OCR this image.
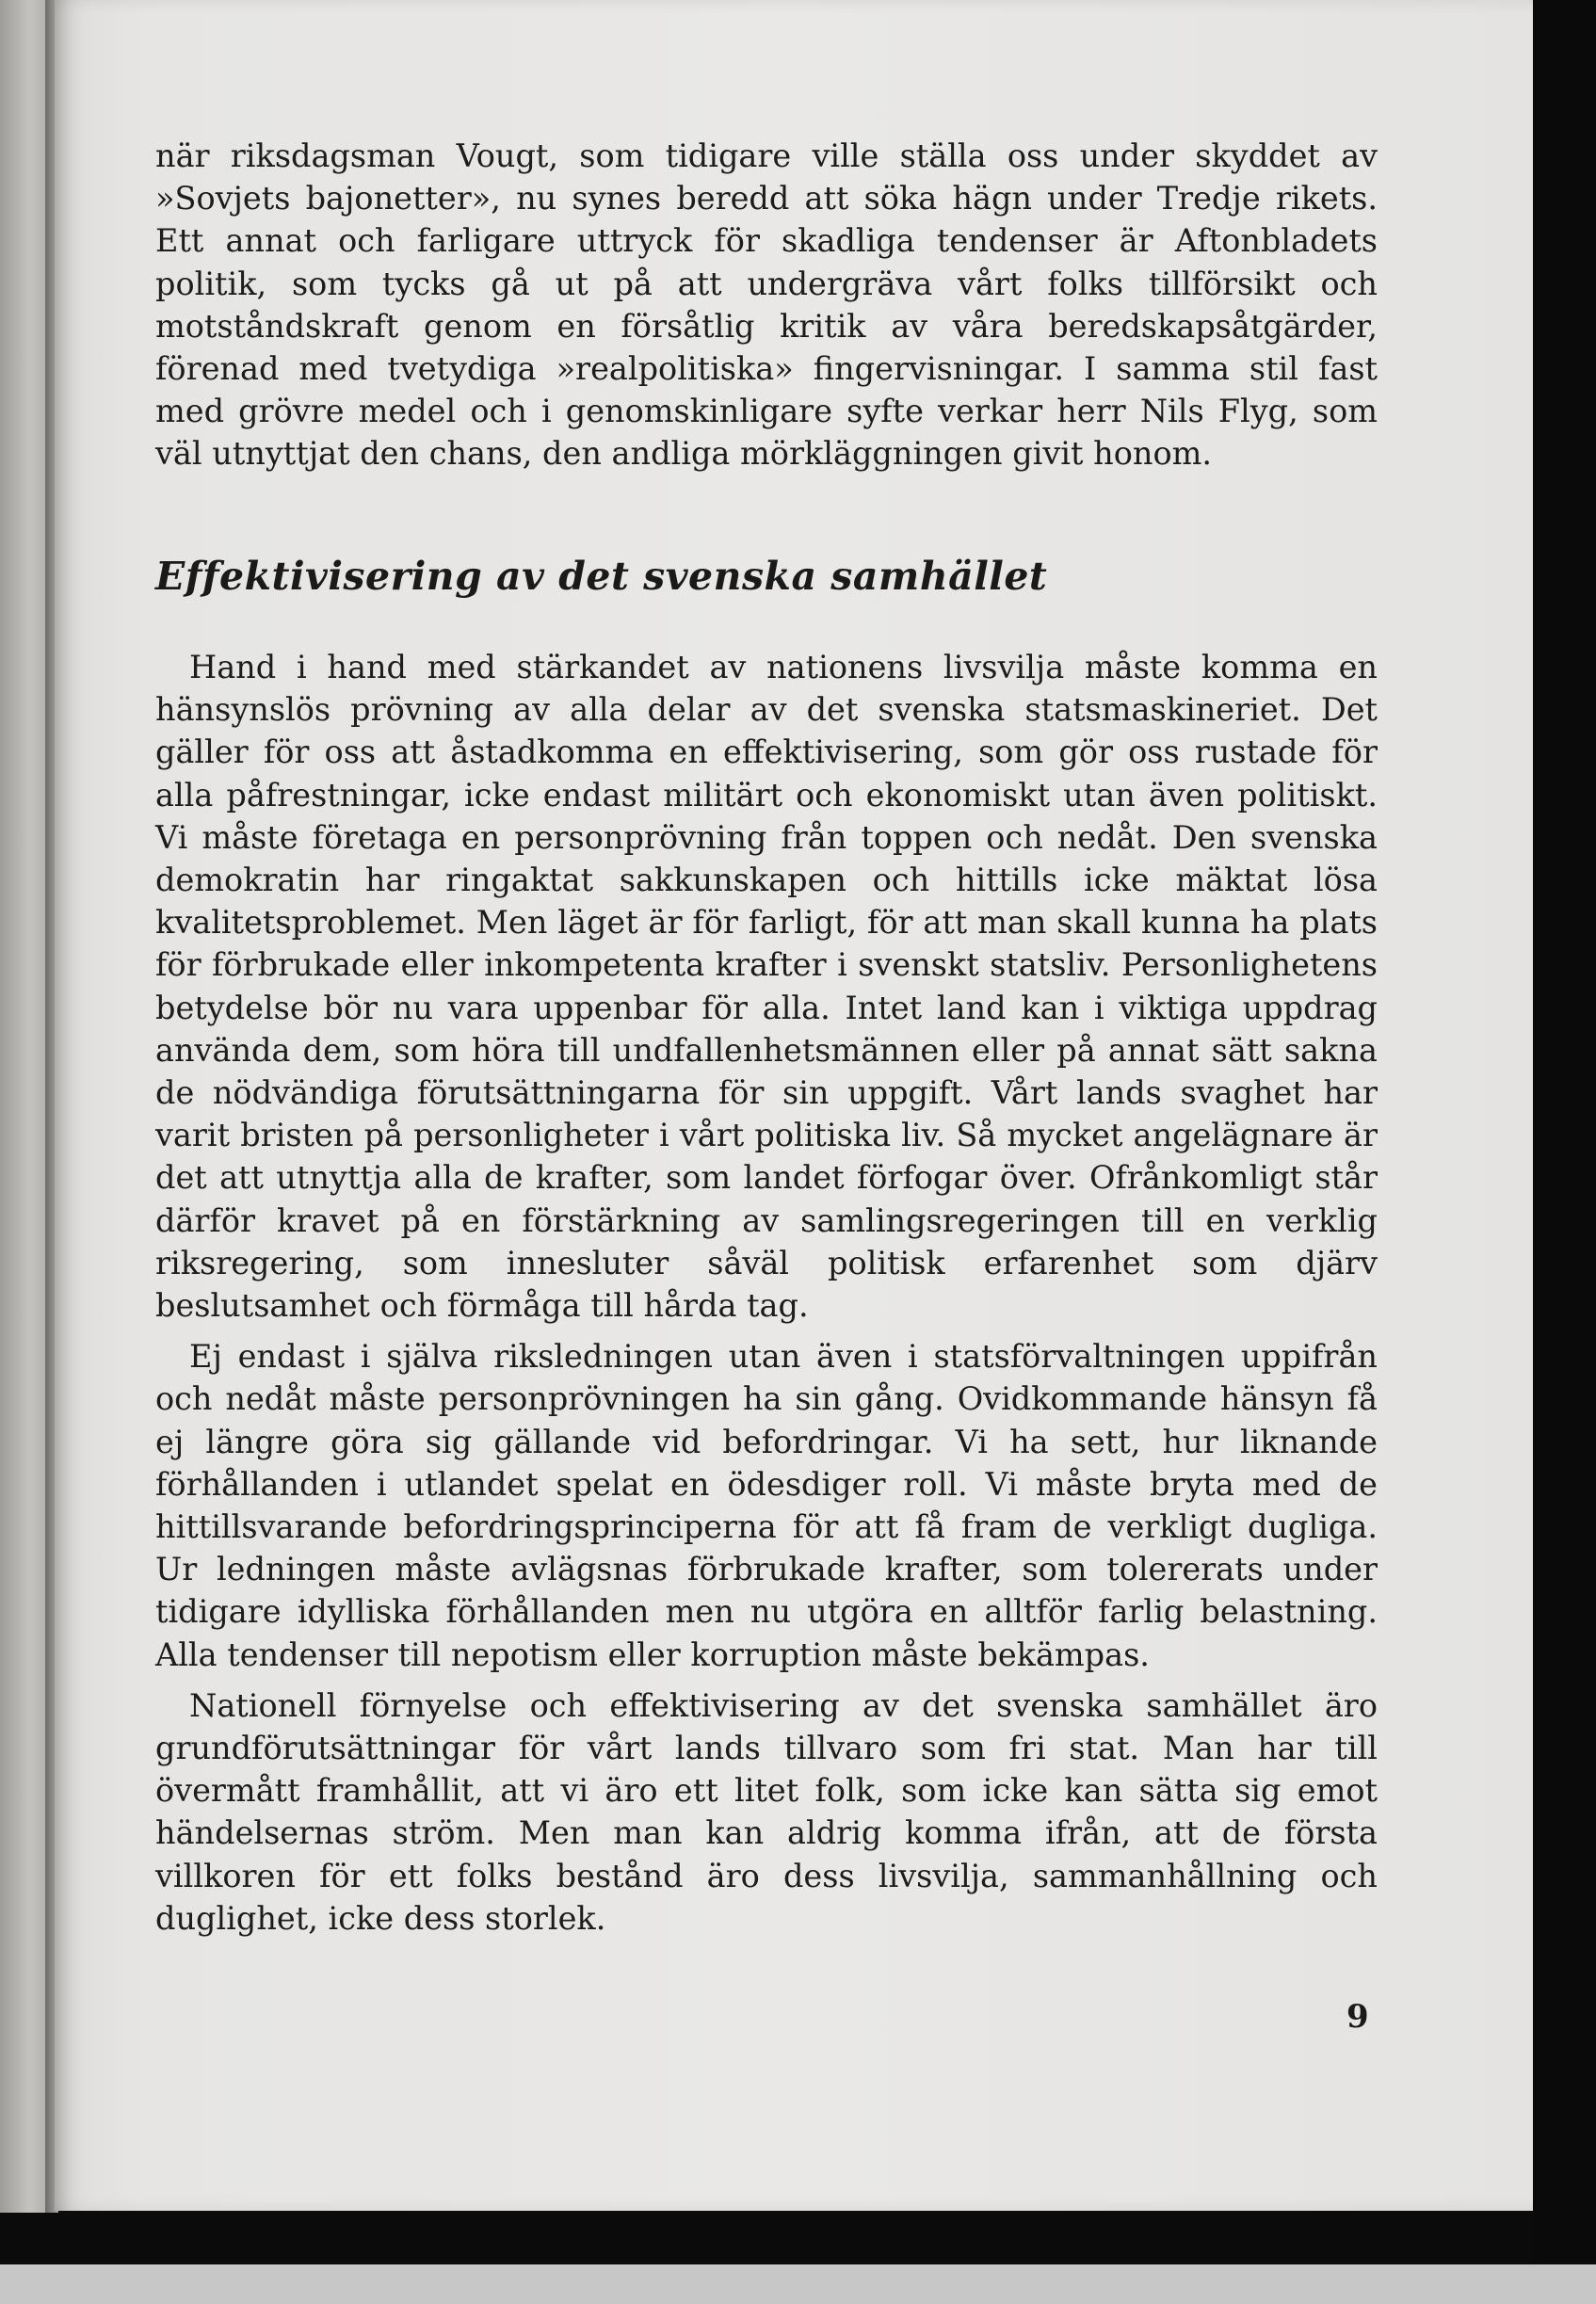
när riksdagsman Vougt, som tidigare ville ställa oss under skyddet av »Sovjets bajonetter», nu synes beredd att söka hägn under Tredje rikets. Ett annat och farligare uttryck för skadliga tendenser är Aftonbladets politik, som tycks gå ut på att undergräva vårt folks tillförsikt och motståndskraft genom en försåtlig kritik av våra beredskapsåtgärder, förenad med tvetydiga »realpolitiska» fingervisningar. I samma stil fast med grövre medel och i genomskinligare syfte verkar herr Nils Flyg, som väl utnyttjat den chans, den andliga mörkläggningen givit honom.

Effektivisering av det svenska samhället

Hand i hand med stärkandet av nationens livsvilja måste komma en hänsynslös prövning av alla delar av det svenska statsmaskineriet. Det gäller för oss att åstadkomma en effektivisering, som gör oss rustade för alla påfrestningar, icke endast militärt och ekonomiskt utan även politiskt. Vi måste företaga en personprövning från toppen och nedåt. Den svenska demokratin har ringaktat sakkunskapen och hittills icke mäktat lösa kvalitetsproblemet. Men läget är för farligt, för att man skall kunna ha plats för förbrukade eller inkompetenta krafter i svenskt statsliv. Personlighetens betydelse bör nu vara uppenbar för alla. Intet land kan i viktiga uppdrag använda dem, som höra till undfallenhetsmännen eller på annat sätt sakna de nödvändiga förutsättningarna för sin uppgift. Vårt lands svaghet har varit bristen på personligheter i vårt politiska liv. Så mycket angelägnare är det att utnyttja alla de krafter, som landet förfogar över. Ofrånkomligt står därför kravet på en förstärkning av samlingsregeringen till en verklig riksregering, som innesluter såväl politisk erfarenhet som djärv beslutsamhet och förmåga till hårda tag.

Ej endast i själva riksledningen utan även i statsförvaltningen uppifrån och nedåt måste personprövningen ha sin gång. Ovidkommande hänsyn få ej längre göra sig gällande vid befordringar. Vi ha sett, hur liknande förhållanden i utlandet spelat en ödesdiger roll. Vi måste bryta med de hittillsvarande befordringsprinciperna för att få fram de verkligt dugliga. Ur ledningen måste avlägsnas förbrukade krafter, som tolererats under tidigare idylliska förhållanden men nu utgöra en alltför farlig belastning. Alla tendenser till nepotism eller korruption måste bekämpas.

Nationell förnyelse och effektivisering av det svenska samhället äro grundförutsättningar för vårt lands tillvaro som fri stat. Man har till övermått framhållit, att vi äro ett litet folk, som icke kan sätta sig emot händelsernas ström. Men man kan aldrig komma ifrån, att de första villkoren för ett folks bestånd äro dess livsvilja, sammanhållning och duglighet, icke dess storlek.

9
